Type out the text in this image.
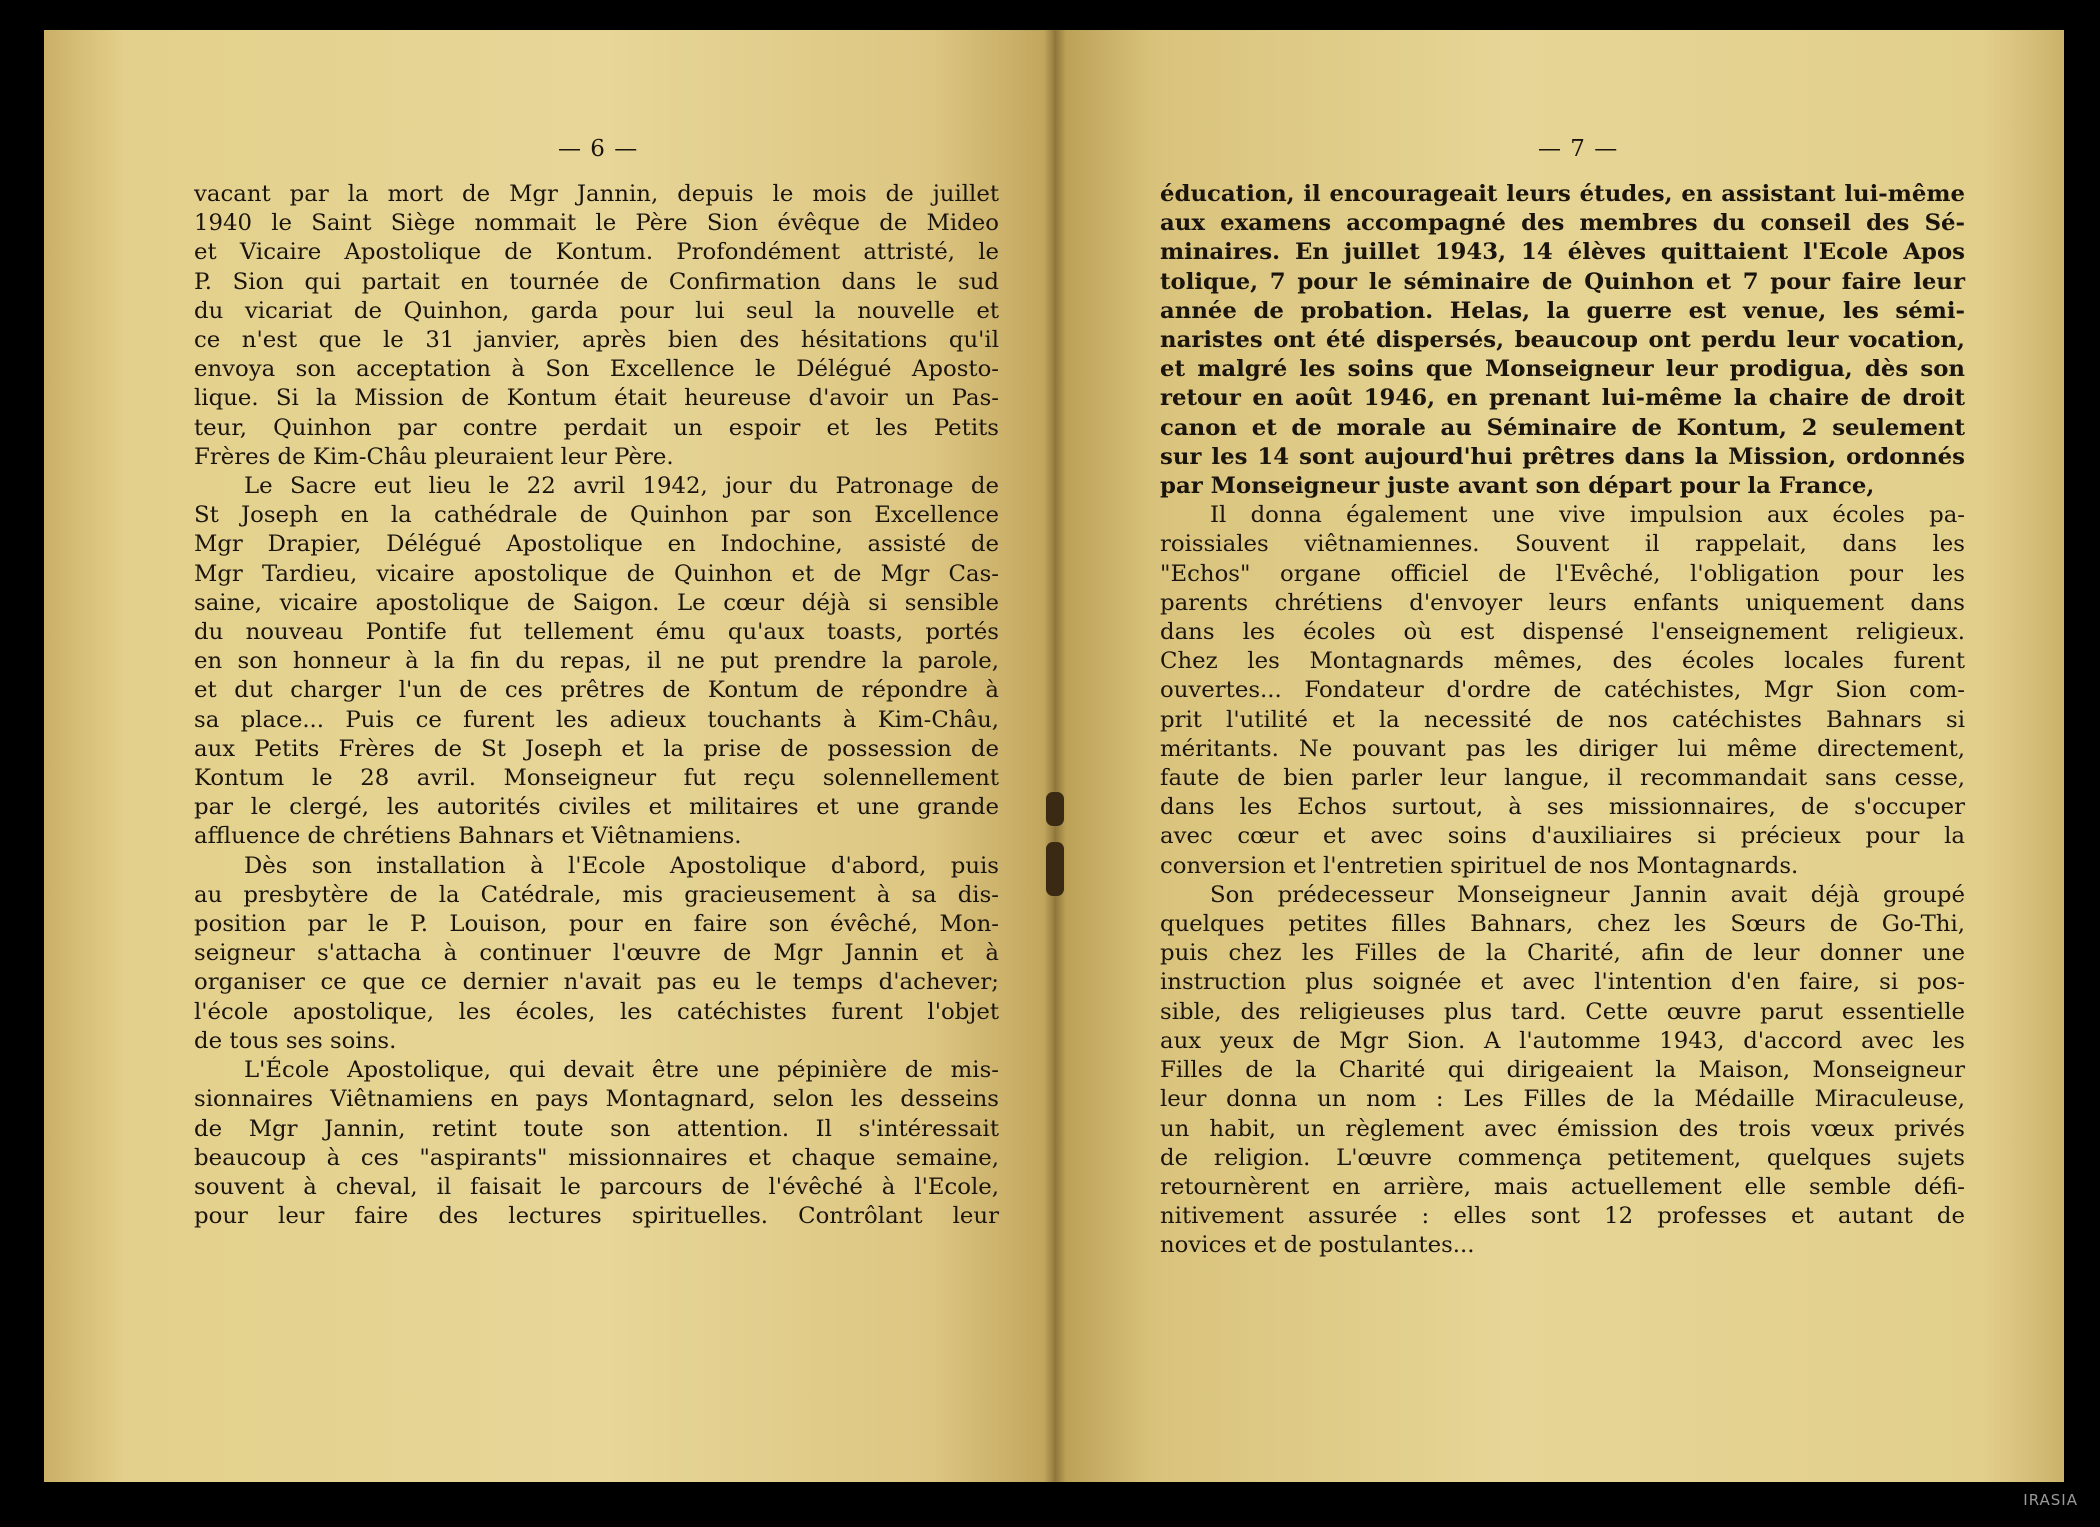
— 6 —
vacant par la mort de Mgr Jannin, depuis le mois de juillet
1940 le Saint Siège nommait le Père Sion évêque de Mideo
et Vicaire Apostolique de Kontum. Profondément attristé, le
P. Sion qui partait en tournée de Confirmation dans le sud
du vicariat de Quinhon, garda pour lui seul la nouvelle et
ce n'est que le 31 janvier, après bien des hésitations qu'il
envoya son acceptation à Son Excellence le Délégué Aposto-
lique. Si la Mission de Kontum était heureuse d'avoir un Pas-
teur, Quinhon par contre perdait un espoir et les Petits
Frères de Kim-Châu pleuraient leur Père.
Le Sacre eut lieu le 22 avril 1942, jour du Patronage de
St Joseph en la cathédrale de Quinhon par son Excellence
Mgr Drapier, Délégué Apostolique en Indochine, assisté de
Mgr Tardieu, vicaire apostolique de Quinhon et de Mgr Cas-
saine, vicaire apostolique de Saigon. Le cœur déjà si sensible
du nouveau Pontife fut tellement ému qu'aux toasts, portés
en son honneur à la fin du repas, il ne put prendre la parole,
et dut charger l'un de ces prêtres de Kontum de répondre à
sa place... Puis ce furent les adieux touchants à Kim-Châu,
aux Petits Frères de St Joseph et la prise de possession de
Kontum le 28 avril. Monseigneur fut reçu solennellement
par le clergé, les autorités civiles et militaires et une grande
affluence de chrétiens Bahnars et Viêtnamiens.
Dès son installation à l'Ecole Apostolique d'abord, puis
au presbytère de la Catédrale, mis gracieusement à sa dis-
position par le P. Louison, pour en faire son évêché, Mon-
seigneur s'attacha à continuer l'œuvre de Mgr Jannin et à
organiser ce que ce dernier n'avait pas eu le temps d'achever;
l'école apostolique, les écoles, les catéchistes furent l'objet
de tous ses soins.
L'École Apostolique, qui devait être une pépinière de mis-
sionnaires Viêtnamiens en pays Montagnard, selon les desseins
de Mgr Jannin, retint toute son attention. Il s'intéressait
beaucoup à ces "aspirants" missionnaires et chaque semaine,
souvent à cheval, il faisait le parcours de l'évêché à l'Ecole,
pour leur faire des lectures spirituelles. Contrôlant leur
— 7 —
éducation, il encourageait leurs études, en assistant lui-même
aux examens accompagné des membres du conseil des Sé-
minaires. En juillet 1943, 14 élèves quittaient l'Ecole Apos
tolique, 7 pour le séminaire de Quinhon et 7 pour faire leur
année de probation. Helas, la guerre est venue, les sémi-
naristes ont été dispersés, beaucoup ont perdu leur vocation,
et malgré les soins que Monseigneur leur prodigua, dès son
retour en août 1946, en prenant lui-même la chaire de droit
canon et de morale au Séminaire de Kontum, 2 seulement
sur les 14 sont aujourd'hui prêtres dans la Mission, ordonnés
par Monseigneur juste avant son départ pour la France,
Il donna également une vive impulsion aux écoles pa-
roissiales viêtnamiennes. Souvent il rappelait, dans les
"Echos" organe officiel de l'Evêché, l'obligation pour les
parents chrétiens d'envoyer leurs enfants uniquement dans
dans les écoles où est dispensé l'enseignement religieux.
Chez les Montagnards mêmes, des écoles locales furent
ouvertes... Fondateur d'ordre de catéchistes, Mgr Sion com-
prit l'utilité et la necessité de nos catéchistes Bahnars si
méritants. Ne pouvant pas les diriger lui même directement,
faute de bien parler leur langue, il recommandait sans cesse,
dans les Echos surtout, à ses missionnaires, de s'occuper
avec cœur et avec soins d'auxiliaires si précieux pour la
conversion et l'entretien spirituel de nos Montagnards.
Son prédecesseur Monseigneur Jannin avait déjà groupé
quelques petites filles Bahnars, chez les Sœurs de Go-Thi,
puis chez les Filles de la Charité, afin de leur donner une
instruction plus soignée et avec l'intention d'en faire, si pos-
sible, des religieuses plus tard. Cette œuvre parut essentielle
aux yeux de Mgr Sion. A l'automme 1943, d'accord avec les
Filles de la Charité qui dirigeaient la Maison, Monseigneur
leur donna un nom : Les Filles de la Médaille Miraculeuse,
un habit, un règlement avec émission des trois vœux privés
de religion. L'œuvre commença petitement, quelques sujets
retournèrent en arrière, mais actuellement elle semble défi-
nitivement assurée : elles sont 12 professes et autant de
novices et de postulantes...
IRASIA
